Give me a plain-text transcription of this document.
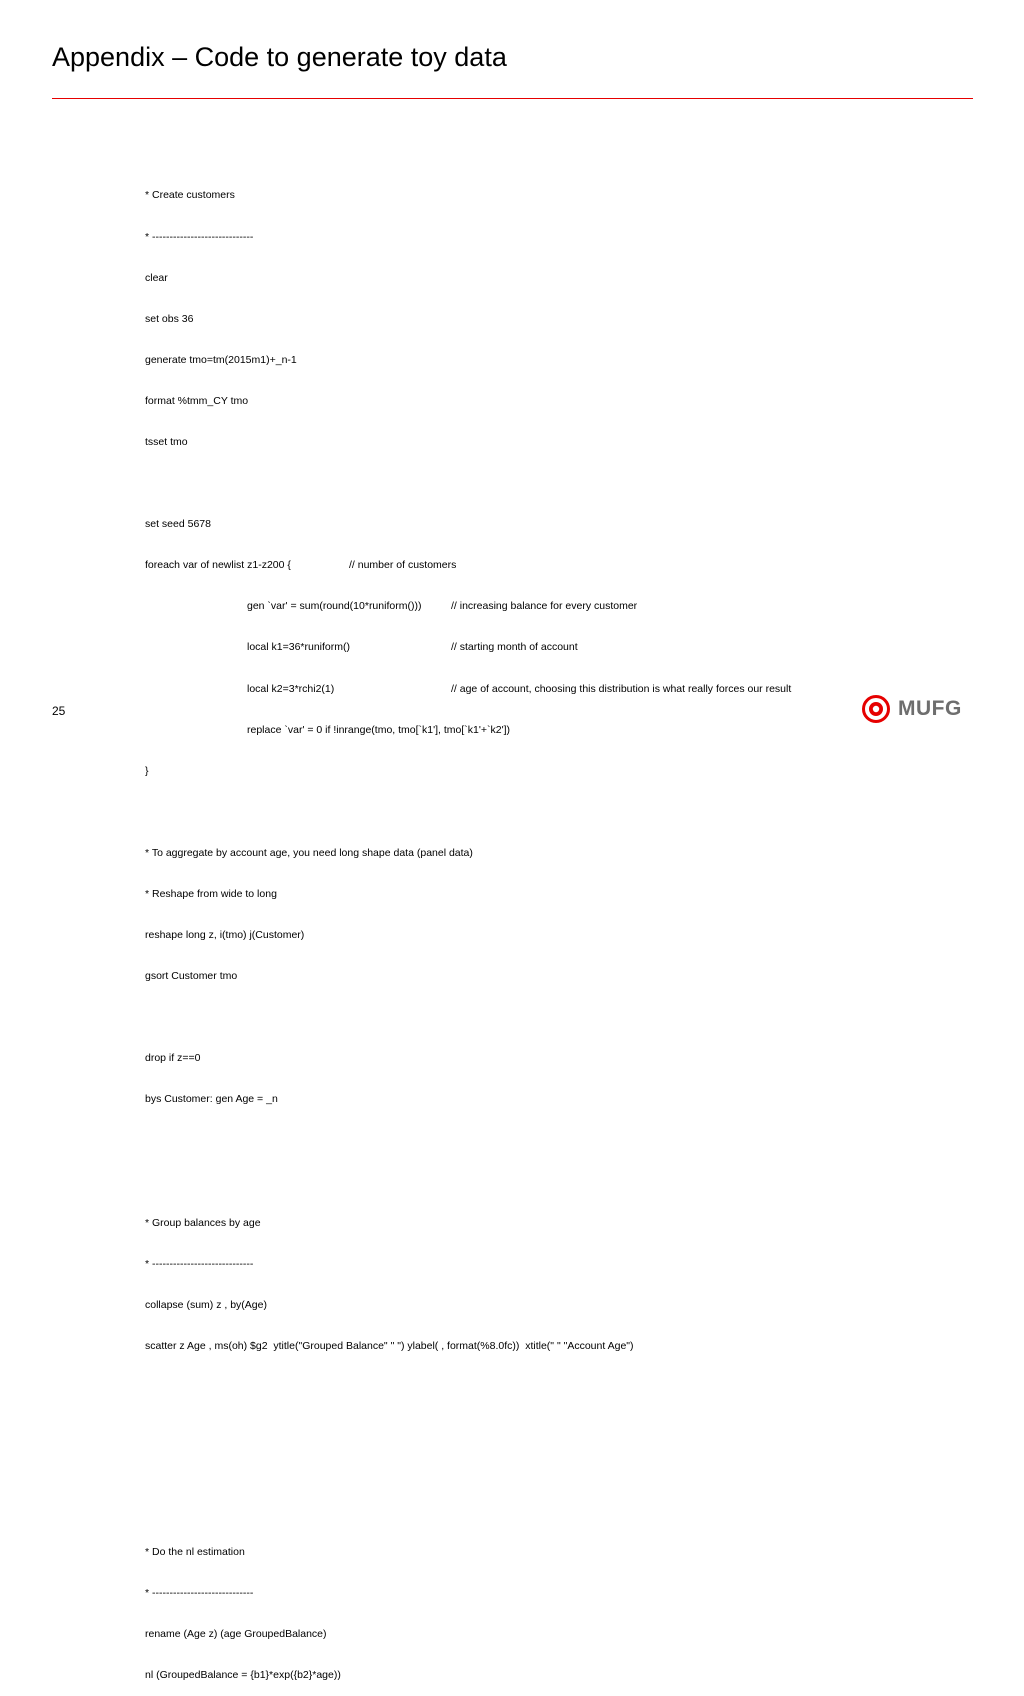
Appendix – Code to generate toy data

* Create customers

* -----------------------------

clear

set obs 36

generate tmo=tm(2015m1)+_n-1

format %tmm_CY tmo

tsset tmo

set seed 5678

foreach var of newlist z1-z200 {

	// number of customers

gen `var' = sum(round(10*runiform()))

	// increasing balance for every customer

local k1=36*runiform()

	// starting month of account

local k2=3*rchi2(1)

	// age of account, choosing this distribution is what really forces our result

replace `var' = 0 if !inrange(tmo, tmo[`k1'], tmo[`k1'+`k2'])

}

* To aggregate by account age, you need long shape data (panel data)

* Reshape from wide to long

reshape long z, i(tmo) j(Customer)

gsort Customer tmo

drop if z==0

bys Customer: gen Age = _n

* Group balances by age

* -----------------------------

collapse (sum) z , by(Age)

scatter z Age , ms(oh) $g2  ytitle("Grouped Balance" " ") ylabel( , format(%8.0fc))  xtitle(" " "Account Age")

* Do the nl estimation

* -----------------------------

rename (Age z) (age GroupedBalance)

nl (GroupedBalance = {b1}*exp({b2}*age))

25	MUFG
